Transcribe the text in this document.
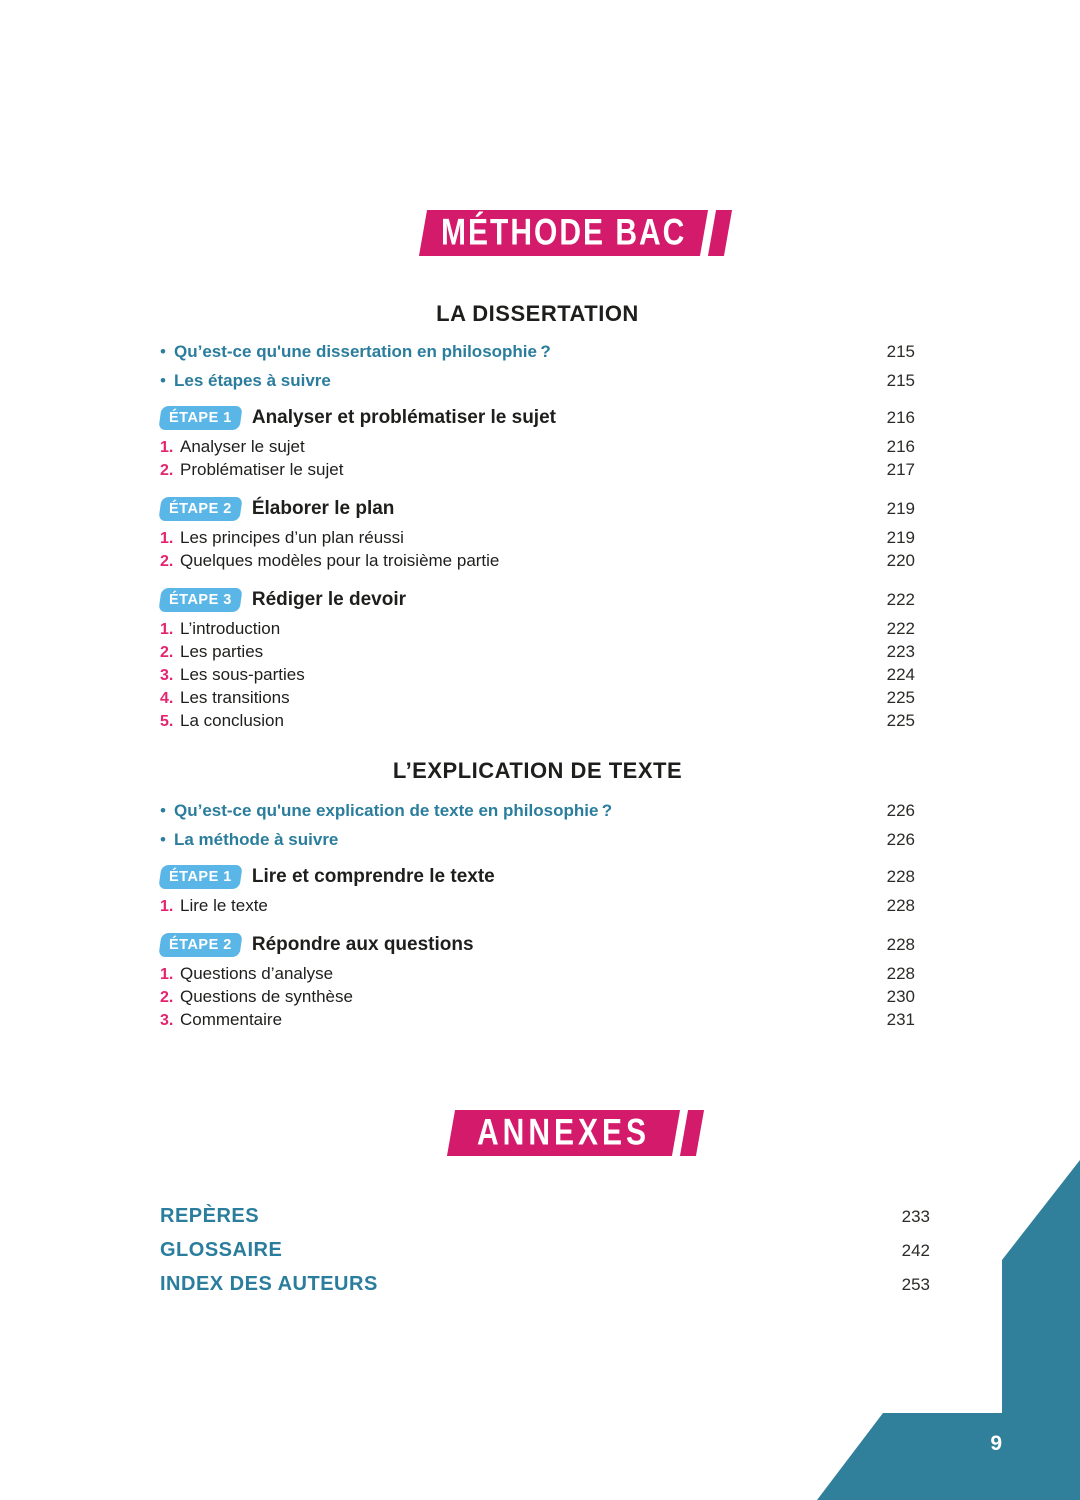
MÉTHODE BAC
LA DISSERTATION
• Qu’est-ce qu'une dissertation en philosophie ?	215
• Les étapes à suivre	215
ÉTAPE 1 Analyser et problématiser le sujet	216
1. Analyser le sujet	216
2. Problématiser le sujet	217
ÉTAPE 2 Élaborer le plan	219
1. Les principes d’un plan réussi	219
2. Quelques modèles pour la troisième partie	220
ÉTAPE 3 Rédiger le devoir	222
1. L’introduction	222
2. Les parties	223
3. Les sous-parties	224
4. Les transitions	225
5. La conclusion	225
L’EXPLICATION DE TEXTE
• Qu’est-ce qu'une explication de texte en philosophie ?	226
• La méthode à suivre	226
ÉTAPE 1 Lire et comprendre le texte	228
1. Lire le texte	228
ÉTAPE 2 Répondre aux questions	228
1. Questions d’analyse	228
2. Questions de synthèse	230
3. Commentaire	231
ANNEXES
REPÈRES	233
GLOSSAIRE	242
INDEX DES AUTEURS	253
9
